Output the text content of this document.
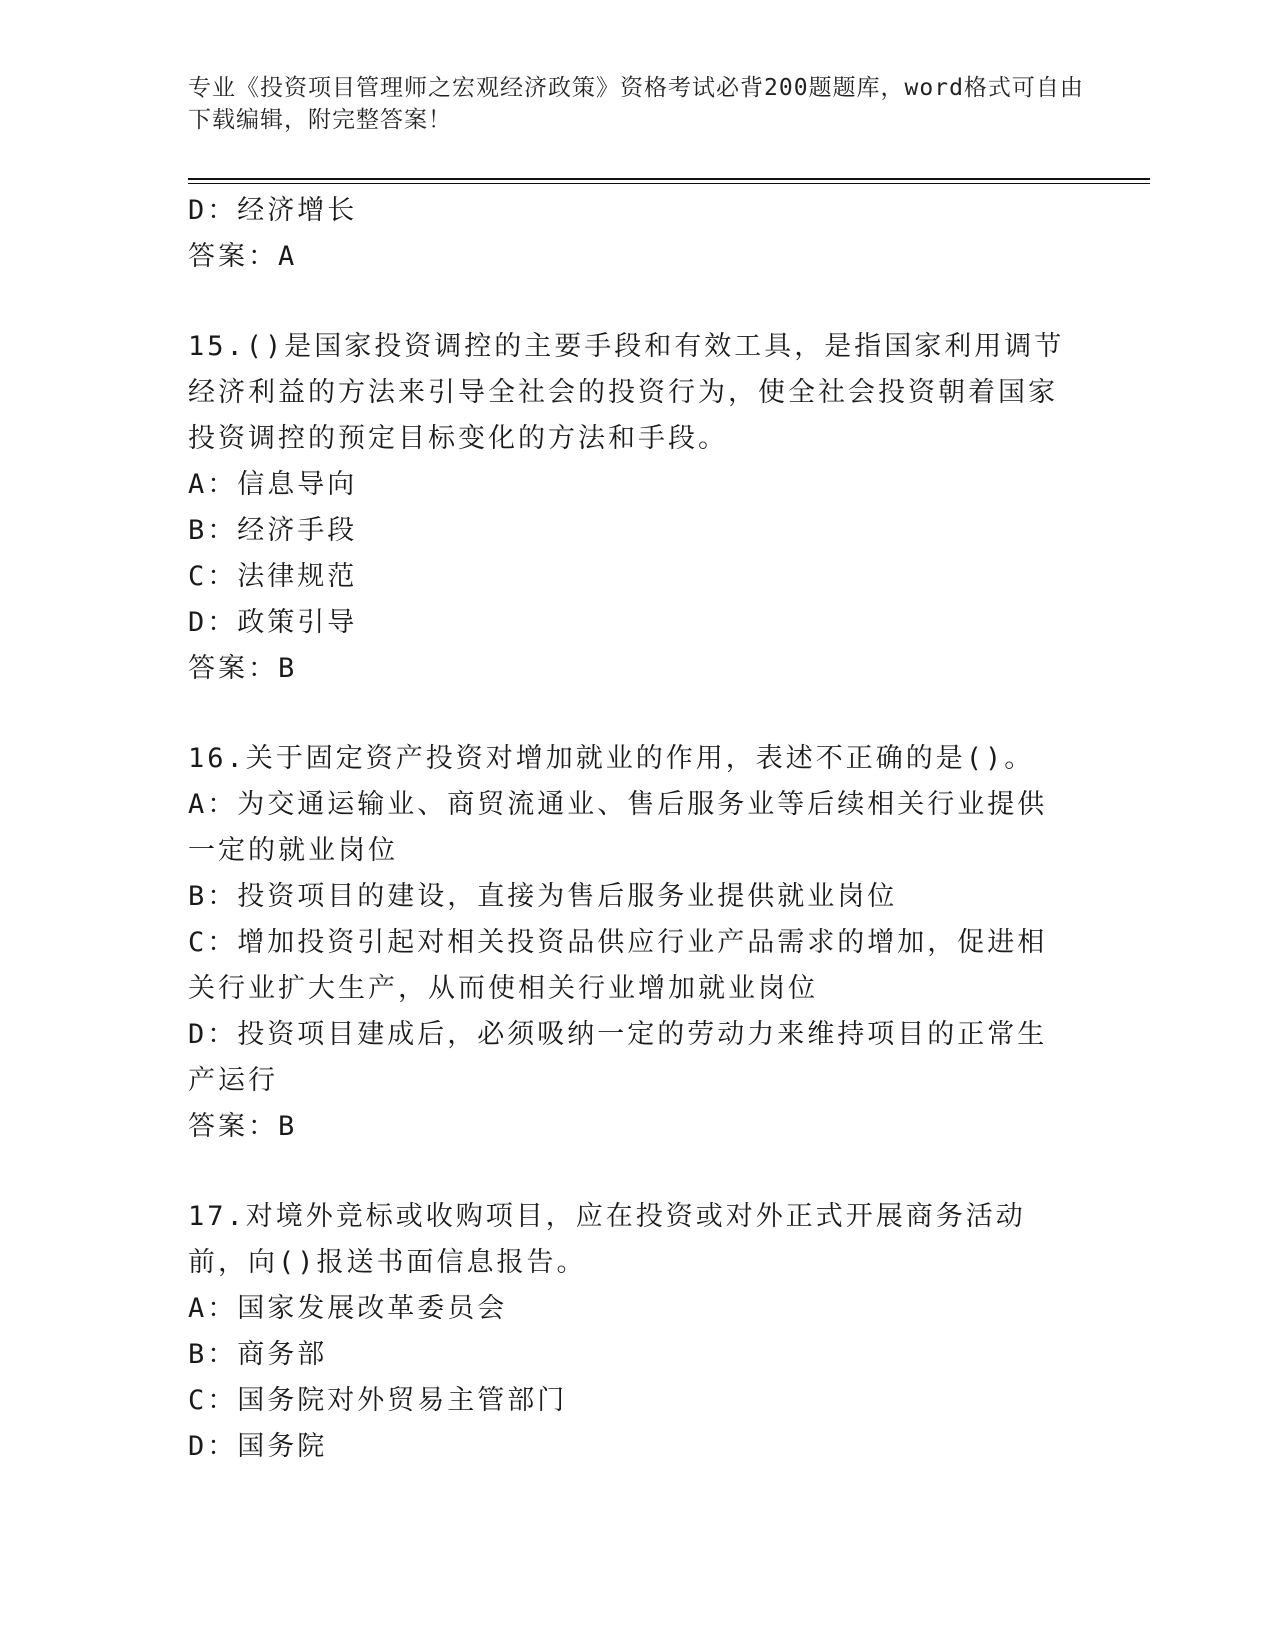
专业《投资项目管理师之宏观经济政策》资格考试必背200题题库，word格式可自由下载编辑，附完整答案！

D：经济增长

答案：A

15.()是国家投资调控的主要手段和有效工具，是指国家利用调节经济利益的方法来引导全社会的投资行为，使全社会投资朝着国家投资调控的预定目标变化的方法和手段。

A：信息导向

B：经济手段

C：法律规范

D：政策引导

答案：B

16.关于固定资产投资对增加就业的作用，表述不正确的是()。

A：为交通运输业、商贸流通业、售后服务业等后续相关行业提供一定的就业岗位

B：投资项目的建设，直接为售后服务业提供就业岗位

C：增加投资引起对相关投资品供应行业产品需求的增加，促进相关行业扩大生产，从而使相关行业增加就业岗位

D：投资项目建成后，必须吸纳一定的劳动力来维持项目的正常生产运行

答案：B

17.对境外竞标或收购项目，应在投资或对外正式开展商务活动前，向()报送书面信息报告。

A：国家发展改革委员会

B：商务部

C：国务院对外贸易主管部门

D：国务院
